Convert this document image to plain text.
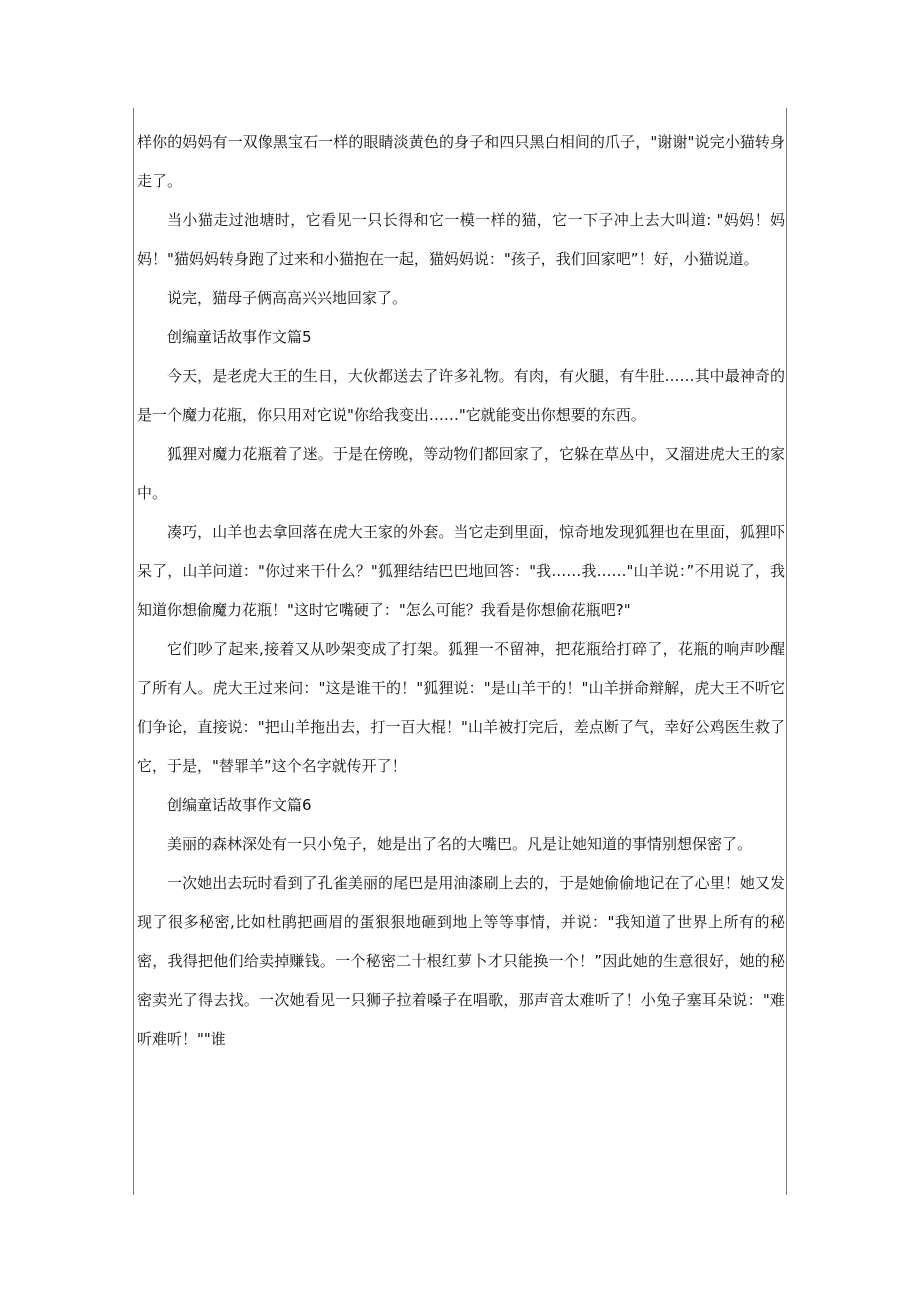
样你的妈妈有一双像黑宝石一样的眼睛淡黄色的身子和四只黑白相间的爪子，"谢谢"说完小猫转身走了。

当小猫走过池塘时，它看见一只长得和它一模一样的猫，它一下子冲上去大叫道: "妈妈！妈妈！"猫妈妈转身跑了过来和小猫抱在一起，猫妈妈说："孩子，我们回家吧”！好，小猫说道。

说完，猫母子俩高高兴兴地回家了。

创编童话故事作文篇5

今天，是老虎大王的生日，大伙都送去了许多礼物。有肉，有火腿，有牛肚……其中最神奇的是一个魔力花瓶，你只用对它说"你给我变出……"它就能变出你想要的东西。

狐狸对魔力花瓶着了迷。于是在傍晚，等动物们都回家了，它躲在草丛中，又溜进虎大王的家中。

凑巧，山羊也去拿回落在虎大王家的外套。当它走到里面，惊奇地发现狐狸也在里面，狐狸吓呆了，山羊问道："你过来干什么？"狐狸结结巴巴地回答："我……我……"山羊说：”不用说了，我知道你想偷魔力花瓶！"这时它嘴硬了："怎么可能？我看是你想偷花瓶吧?"

它们吵了起来,接着又从吵架变成了打架。狐狸一不留神，把花瓶给打碎了，花瓶的响声吵醒了所有人。虎大王过来问："这是谁干的！"狐狸说："是山羊干的！"山羊拼命辩解，虎大王不听它们争论，直接说："把山羊拖出去，打一百大棍！"山羊被打完后，差点断了气，幸好公鸡医生救了它，于是，"替罪羊”这个名字就传开了！

创编童话故事作文篇6

美丽的森林深处有一只小兔子，她是出了名的大嘴巴。凡是让她知道的事情别想保密了。

一次她出去玩时看到了孔雀美丽的尾巴是用油漆刷上去的，于是她偷偷地记在了心里！她又发现了很多秘密,比如杜鹃把画眉的蛋狠狠地砸到地上等等事情，并说："我知道了世界上所有的秘密，我得把他们给卖掉赚钱。一个秘密二十根红萝卜才只能换一个！”因此她的生意很好，她的秘密卖光了得去找。一次她看见一只狮子拉着嗓子在唱歌，那声音太难听了！小兔子塞耳朵说："难听难听！""谁
